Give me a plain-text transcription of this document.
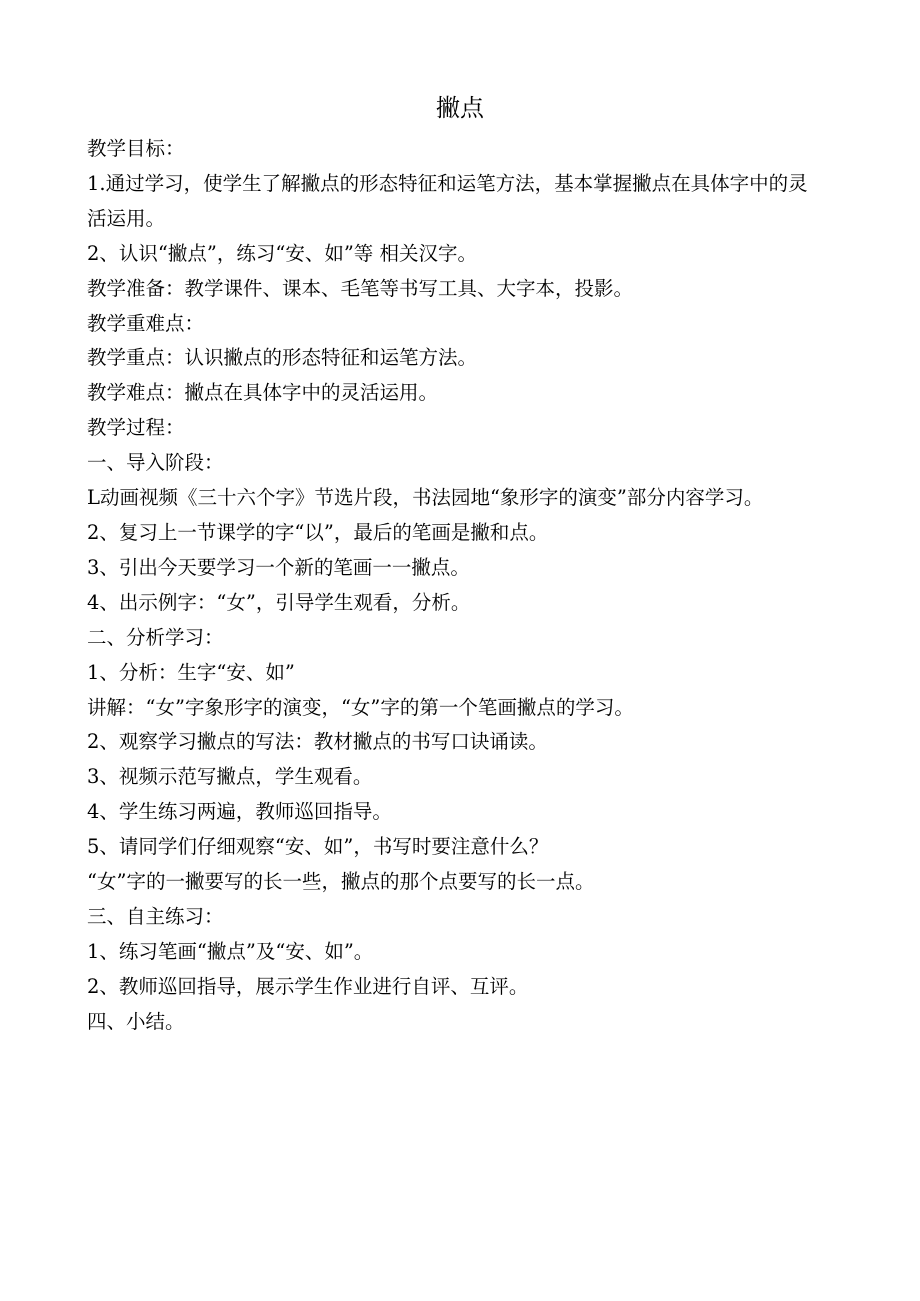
撇点

教学目标：

1.通过学习，使学生了解撇点的形态特征和运笔方法，基本掌握撇点在具体字中的灵活运用。

2、认识“撇点”，练习“安、如”等 相关汉字。

教学准备：教学课件、课本、毛笔等书写工具、大字本，投影。

教学重难点：

教学重点：认识撇点的形态特征和运笔方法。

教学难点：撇点在具体字中的灵活运用。

教学过程：

一、导入阶段：

L动画视频《三十六个字》节选片段，书法园地“象形字的演变”部分内容学习。

2、复习上一节课学的字“以”，最后的笔画是撇和点。

3、引出今天要学习一个新的笔画一一撇点。

4、出示例字：“女”，引导学生观看，分析。

二、分析学习：

1、分析：生字“安、如”

讲解：“女”字象形字的演变，“女”字的第一个笔画撇点的学习。

2、观察学习撇点的写法：教材撇点的书写口诀诵读。

3、视频示范写撇点，学生观看。

4、学生练习两遍，教师巡回指导。

5、请同学们仔细观察“安、如”，书写时要注意什么？

“女”字的一撇要写的长一些，撇点的那个点要写的长一点。

三、自主练习：

1、练习笔画“撇点”及“安、如”。

2、教师巡回指导，展示学生作业进行自评、互评。

四、小结。
